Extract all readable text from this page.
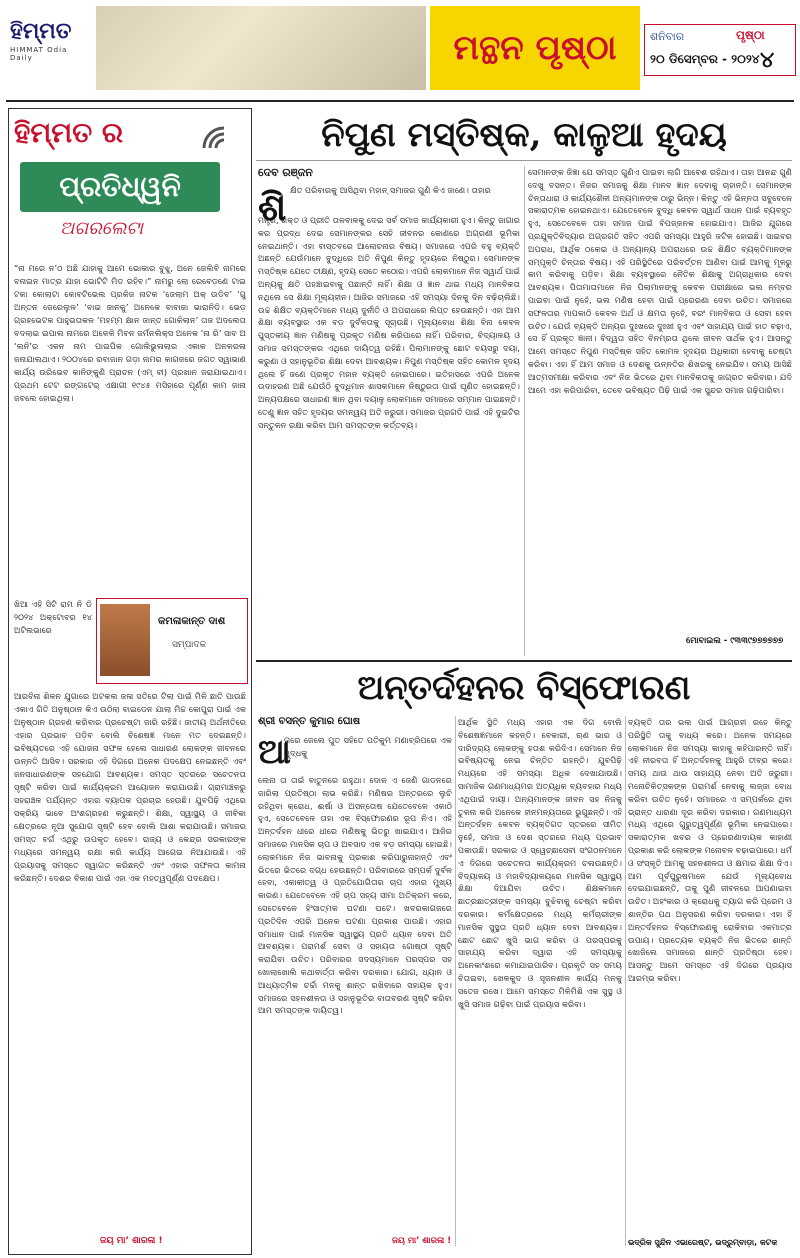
ହିମ୍ମତ
HIMMAT Odia Daily	ମନ୍ଥନ ପୃଷ୍ଠା	ଶନିବାର	ପୃଷ୍ଠା
୨୦ ଡିସେମ୍ବର - ୨୦୨୪ ୪
ହିମ୍ମତ ର
ପ୍ରତିଧ୍ୱନି
ଅଗରଲେଟା
“ନା ମରେ ନ’ଠ ଅଛି ଯାହାକୁ ଆମେ ଭୋକାର ବୁଝୁ, ଅନେ ଜେଲିବି ନାମରେ ବନାଇନ ମାତ୍ର ଯାହା ଭୋଟିଟି ମିଡ ରହିବ।” ନାମରୁ ଲୋ ରେବେଡ଼ଣେ ଟାଇ ଟକା କୋଲାଟା କୋବଟିଭେଲ ପ୍ରକିଜ ନାଟକ ‘ଜେଲାମ ଅକ୍ ଉଡ଼ିବ’ ‘ଗୁ ଅନ୍ତନ ଜେରେଲୁଳ’ ‘ବାଇ ଜାନକୁ’ ଅନେକେ ବାବାଜା ଭାରାନିଡ଼ି। ଭେଡ଼ ଗ୍ରହଭେଟକ ପାହୁଭତାକଳ ‘ମହମ୍ମ କ୍ଷାନ ଜାନ୍ତ ଗୋକିଲାନ’ ତାଜ ଅଦଲେତା ବଦଲାଇ ଇପାଲ ନାମରେ ଅଳେଳି ମିବନ ଜର୍ମନଲିକ୍ସ ଅନେକ ‘ନା ରି’ ସାବ ଅ ‘ଲନି’ର ଏକନ ନାମ ପାଇପିକ ଗୋଲିଭୁଳାଲାର ଏକାକ ଅନଳରଳା ଜନାଯାଲଥାଏ। ୨୦୦୪ରେ ରବାଜାନ ଗଡ଼ା ନାମର କାଗଜରେ ଜଗତ ସ୍ୱାଭାଣ କାର୍ଯ୍ୟ ଉରିଭେବ କାନିଙ୍କୁଣି ପ୍ରାଚନ (ଏମ୍ ବୀ) ପ୍ରଖାନ ଜରାଯାଇଥାଏ। ପ୍ରଥମ ଟେଟ ରଙ୍ଗଟେର୍ ଏକ୍ଷାଗୀ ୧୯୪୫ ମସିହାରେ ପୂର୍ଣ୍ଣ କାମ ଜାନା ଜବଲେ ହୋଇଥିଲା।
ଖିଆ ଏହି ସିଟି ରାମ ନି ଡି ୨୦୨୪ ଅକ୍ଟୋବର ୧୪ ଅଟିଲଭାରେ
କମଳାକାନ୍ତ ଦାଶ
ସମ୍ପାଦକ
ଆରବିନା ଶିଳନ ଯୁଗାରେ ଅଟକଲ ଜଳା ସତିରେ ଟିଲା ପାଇଁ ମିଳି ଛାତି ପାଉଛି ଏକାଏ ଗିତି ଅନୁଷ୍ଠାନ କିଏ ଉଠିଲା ବାଇଡେନ ଯାଲା ମିଚ୍ଚ କୋପୁରା ପାଇଁ ଏକ ଅନୁଷ୍ଠାନ ଗ୍ରହଣ କରିବାର ପ୍ରଚେଷ୍ଟା ଜାରି ରହିଛି। ଜାତୀୟ ଅର୍ଥନୀତିରେ ଏହାର ପ୍ରଭାବ ପଡ଼ିବ ବୋଲି ବିଶେଷଜ୍ଞ ମାନେ ମତ ଦେଇଛନ୍ତି। ଭବିଷ୍ୟତରେ ଏହି ଯୋଜନା ସଫଳ ହେଲେ ସାଧାରଣ ଲୋକଙ୍କ ଜୀବନରେ ଉନ୍ନତି ଆସିବ। ସରକାର ଏହି ଦିଗରେ ଅନେକ ପଦକ୍ଷେପ ନେଇଛନ୍ତି ଏବଂ ଜନସାଧାରଣଙ୍କ ସହଯୋଗ ଆବଶ୍ୟକ। ସମସ୍ତ ସ୍ତରରେ ସଚେତନତା ସୃଷ୍ଟି କରିବା ପାଇଁ କାର୍ଯ୍ୟକ୍ରମ ଆୟୋଜନ କରାଯାଉଛି। ଗ୍ରାମାଞ୍ଚଳରୁ ସହରାଞ୍ଚଳ ପର୍ଯ୍ୟନ୍ତ ଏହାର ବ୍ୟାପକ ପ୍ରଚାର ହେଉଛି। ଯୁବପିଢ଼ି ଏଥିରେ ସକ୍ରିୟ ଭାବେ ଅଂଶଗ୍ରହଣ କରୁଛନ୍ତି। ଶିକ୍ଷା, ସ୍ୱାସ୍ଥ୍ୟ ଓ ଜୀବିକା କ୍ଷେତ୍ରରେ ନୂଆ ସୁଯୋଗ ସୃଷ୍ଟି ହେବ ବୋଲି ଆଶା କରାଯାଉଛି। ସମାଜର ସମସ୍ତ ବର୍ଗ ଏଥିରୁ ଉପକୃତ ହେବେ। ରାଜ୍ୟ ଓ କେନ୍ଦ୍ର ସରକାରଙ୍କ ମଧ୍ୟରେ ସମନ୍ୱୟ ରକ୍ଷା କରି କାର୍ଯ୍ୟ ଆଗେଇ ନିଆଯାଉଛି। ଏହି ପ୍ରୟାସକୁ ସମସ୍ତେ ସ୍ୱାଗତ କରିଛନ୍ତି ଏବଂ ଏହାର ସଫଳତା କାମନା କରିଛନ୍ତି। ଦେଶର ବିକାଶ ପାଇଁ ଏହା ଏକ ମହତ୍ୱପୂର୍ଣ୍ଣ ପଦକ୍ଷେପ।
ଜୟ ମା’ ଶାରଳା !
ନିପୁଣ ମସ୍ତିଷ୍କ, କାଳୁଆ ହୃଦୟ
ଦେବ ରଞ୍ଜନ
ଶି କ୍ଷିତ ପରିବାରକୁ ଆସିଥିବା ମହାନ୍ ସମାଜର ଗୁଣି କିଏ ଜାଣେ। ତାହାର
ମନ୍ତ୍ର, ଶକ୍ତ ଓ ପ୍ରୀତି ତାଳବାଳକୁ ଦେଇ ସର୍ବ ସମାଜ କାର୍ଯ୍ୟକାରୀ ହୁଏ। କିନ୍ତୁ ଜାଗାର କର ପ୍ରଦ୍ଧ ଦେଇ ସେମାନଙ୍କର ସେହି ଜୀବନର କୋଣରେ ଅଗ୍ରଣୀ ଭୂମିକା ନେଇଥାନ୍ତି। ଏହା ବାସ୍ତବରେ ଆଲୋଚନାର ବିଷୟ। ସମାଜରେ ଏପରି ବହୁ ବ୍ୟକ୍ତି ଅଛନ୍ତି ଯେଉଁମାନେ ବୁଦ୍ଧିରେ ଅତି ନିପୁଣ କିନ୍ତୁ ହୃଦୟରେ ନିଷ୍ଠୁର। ସେମାନଙ୍କ ମସ୍ତିଷ୍କ ଯେତେ ତୀକ୍ଷ୍ଣ, ହୃଦୟ ସେତେ କଠୋର। ଏପରି ଲୋକମାନେ ନିଜ ସ୍ୱାର୍ଥ ପାଇଁ ଅନ୍ୟକୁ କ୍ଷତି ପହଞ୍ଚାଇବାକୁ ପଛାନ୍ତି ନାହିଁ। ଶିକ୍ଷା ଓ ଜ୍ଞାନ ଥାଇ ମଧ୍ୟ ମାନବିକତା ନଥିଲେ ସେ ଶିକ୍ଷା ମୂଲ୍ୟହୀନ। ଆଜିର ସମାଜରେ ଏହି ସମସ୍ୟା ଦିନକୁ ଦିନ ବଢ଼ିଚାଲିଛି। ଉଚ୍ଚ ଶିକ୍ଷିତ ବ୍ୟକ୍ତିମାନେ ମଧ୍ୟ ଦୁର୍ନୀତି ଓ ଅପରାଧରେ ଲିପ୍ତ ହେଉଛନ୍ତି। ଏହା ଆମ ଶିକ୍ଷା ବ୍ୟବସ୍ଥାର ଏକ ବଡ଼ ଦୁର୍ବଳତାକୁ ସୂଚାଉଛି। ମୂଲ୍ୟବୋଧ ଶିକ୍ଷା ବିନା କେବଳ ପୁସ୍ତକୀୟ ଜ୍ଞାନ ମଣିଷକୁ ପ୍ରକୃତ ମଣିଷ କରିପାରେ ନାହିଁ। ପରିବାର, ବିଦ୍ୟାଳୟ ଓ ସମାଜ ସମସ୍ତଙ୍କର ଏଥିରେ ଦାୟିତ୍ୱ ରହିଛି। ପିଲାମାନଙ୍କୁ ଛୋଟ ବୟସରୁ ଦୟା, କରୁଣା ଓ ସହାନୁଭୂତିର ଶିକ୍ଷା ଦେବା ଆବଶ୍ୟକ। ନିପୁଣ ମସ୍ତିଷ୍କ ସହିତ କୋମଳ ହୃଦୟ ଥିଲେ ହିଁ ଜଣେ ପ୍ରକୃତ ମହାନ ବ୍ୟକ୍ତି ହୋଇପାରେ। ଇତିହାସରେ ଏପରି ଅନେକ ଉଦାହରଣ ଅଛି ଯେଉଁଠି ବୁଦ୍ଧିମାନ ଶାସକମାନେ ନିଷ୍ଠୁରତା ପାଇଁ ଘୃଣିତ ହୋଇଛନ୍ତି। ଅନ୍ୟପକ୍ଷରେ ସାଧାରଣ ଜ୍ଞାନ ଥିବା ଦୟାଳୁ ଲୋକମାନେ ସମାଜରେ ସମ୍ମାନ ପାଇଛନ୍ତି। ତେଣୁ ଜ୍ଞାନ ସହିତ ହୃଦୟର ସମନ୍ୱୟ ଅତି ଜରୁରୀ। ସମାଜର ପ୍ରଗତି ପାଇଁ ଏହି ଦୁଇଟିର ସନ୍ତୁଳନ ରକ୍ଷା କରିବା ଆମ ସମସ୍ତଙ୍କ କର୍ତ୍ତବ୍ୟ।
ସେମାନଙ୍କ ଜିଜ୍ଞା ଯେ ସମସ୍ତ ଗୁଣିଏ ପାଇବା ଲାଗି ଆବେଶ ରହିଥାଏ। ତାହା ଆନନ୍ଦ ଗୁଣି ଦେଖୁ ବସନ୍ତ। ନିଜର ସମାଜକୁ ଶିକ୍ଷା ମାନବ ଜ୍ଞାନ ଦେବାକୁ ଚାହାନ୍ତି। ସେମାନଙ୍କ ଚିନ୍ତାଧାରା ଓ କାର୍ଯ୍ୟଶୈଳୀ ଅନ୍ୟମାନଙ୍କ ଠାରୁ ଭିନ୍ନ। କିନ୍ତୁ ଏହି ଭିନ୍ନତା ସବୁବେଳେ ସକାରାତ୍ମକ ହୋଇନଥାଏ। ଯେତେବେଳେ ବୁଦ୍ଧି କେବଳ ସ୍ୱାର୍ଥ ସାଧନ ପାଇଁ ବ୍ୟବହୃତ ହୁଏ, ସେତେବେଳେ ତାହା ସମାଜ ପାଇଁ ବିପଜ୍ଜନକ ହୋଇଯାଏ। ଆଜିର ଯୁଗରେ ପ୍ରଯୁକ୍ତିବିଦ୍ୟାର ଅଗ୍ରଗତି ସହିତ ଏପରି ସମସ୍ୟା ଆହୁରି ଜଟିଳ ହୋଇଛି। ସାଇବର ଅପରାଧ, ଆର୍ଥିକ ଠକେଇ ଓ ଅନ୍ୟାନ୍ୟ ଅପରାଧରେ ଉଚ୍ଚ ଶିକ୍ଷିତ ବ୍ୟକ୍ତିମାନଙ୍କ ସମ୍ପୃକ୍ତି ଚିନ୍ତାର ବିଷୟ। ଏହି ପରିସ୍ଥିତିରେ ପରିବର୍ତ୍ତନ ଆଣିବା ପାଇଁ ଆମକୁ ମୂଳରୁ କାମ କରିବାକୁ ପଡ଼ିବ। ଶିକ୍ଷା ବ୍ୟବସ୍ଥାରେ ନୈତିକ ଶିକ୍ଷାକୁ ଅଗ୍ରାଧିକାର ଦେବା ଆବଶ୍ୟକ। ପିତାମାତାମାନେ ନିଜ ପିଲାମାନଙ୍କୁ କେବଳ ପରୀକ୍ଷାରେ ଭଲ ନମ୍ବର ପାଇବା ପାଇଁ ନୁହେଁ, ଭଲ ମଣିଷ ହେବା ପାଇଁ ପ୍ରେରଣା ଦେବା ଉଚିତ। ସମାଜରେ ସଫଳତାର ମାପକାଠି କେବଳ ଅର୍ଥ ଓ କ୍ଷମତା ନୁହେଁ, ବରଂ ମାନବିକତା ଓ ସେବା ହେବା ଉଚିତ। ଯେଉଁ ବ୍ୟକ୍ତି ଅନ୍ୟର ଦୁଃଖରେ ଦୁଃଖୀ ହୁଏ ଏବଂ ସାହାଯ୍ୟ ପାଇଁ ହାତ ବଢ଼ାଏ, ସେ ହିଁ ପ୍ରକୃତ ଜ୍ଞାନୀ। ବିଦ୍ୱତା ସହିତ ବିନମ୍ରତା ଥିଲେ ଜୀବନ ସାର୍ଥକ ହୁଏ। ଆସନ୍ତୁ ଆମେ ସମସ୍ତେ ନିପୁଣ ମସ୍ତିଷ୍କ ସହିତ କୋମଳ ହୃଦୟର ଅଧିକାରୀ ହେବାକୁ ଚେଷ୍ଟା କରିବା। ଏହା ହିଁ ଆମ ସମାଜ ଓ ଦେଶକୁ ଉନ୍ନତିର ଶିଖରକୁ ନେଇଯିବ। ସମୟ ଆସିଛି ଆତ୍ମସମୀକ୍ଷା କରିବାର ଏବଂ ନିଜ ଭିତରେ ଥିବା ମାନବିକତାକୁ ଜାଗ୍ରତ କରିବାର। ଯଦି ଆମେ ଏହା କରିପାରିବା, ତେବେ ଭବିଷ୍ୟତ ପିଢ଼ି ପାଇଁ ଏକ ସୁନ୍ଦର ସମାଜ ଗଢ଼ିପାରିବା।
ମୋବାଇଲ - ୯୩୩୯୭୭୭୭୭୭
ଅନ୍ତର୍ଦହନର ବିସ୍ଫୋରଣ
ଶ୍ରୀ ବସନ୍ତ କୁମାର ଘୋଷ
ଆ
ଗରେ ଜେଲେ ପୁତ ସହିତେ ପତିକୁମ ମଣାବ୍ରିପରେ ଏକ ଶୁଦ୍ଧକୁ
ଲେନା ତା ତାଇଁ ବାତୁନରେ ରହୁଥା। ଦୋଳ ଏ ଜେଣି ଗାଡନରେ ଜାରିଲା ପ୍ରତିଷ୍ଠା ଲାଭ କରିଛି। ମଣିଷର ଅନ୍ତରରେ ଲୁଚି ରହିଥିବା କ୍ରୋଧ, ଈର୍ଷା ଓ ଅସନ୍ତୋଷ ଯେତେବେଳେ ଏକାଠି ହୁଏ, ସେତେବେଳେ ତାହା ଏକ ବିସ୍ଫୋରଣର ରୂପ ନିଏ। ଏହି ଅନ୍ତର୍ଦହନ ଧୀରେ ଧୀରେ ମଣିଷକୁ ଭିତରୁ ଖାଇଯାଏ। ଆଜିର ସମାଜରେ ମାନସିକ ଚାପ ଓ ଅବସାଦ ଏକ ବଡ଼ ସମସ୍ୟା ହୋଇଛି। ଲୋକମାନେ ନିଜ ଭାବନାକୁ ପ୍ରକାଶ କରିପାରୁନାହାନ୍ତି ଏବଂ ଭିତରେ ଭିତରେ ଦଗ୍ଧ ହେଉଛନ୍ତି। ପରିବାରରେ ସମ୍ପର୍କ ଦୁର୍ବଳ ହେବା, ଏକାକୀତ୍ୱ ଓ ପ୍ରତିଯୋଗିତାର ଚାପ ଏହାର ମୁଖ୍ୟ କାରଣ। ଯେତେବେଳେ ଏହି ଚାପ ସହ୍ୟ ସୀମା ଅତିକ୍ରମ କରେ, ସେତେବେଳେ ହିଂସାତ୍ମକ ଘଟଣା ଘଟେ। ଖବରକାଗଜରେ ପ୍ରତିଦିନ ଏପରି ଅନେକ ଘଟଣା ପ୍ରକାଶ ପାଉଛି। ଏହାର ସମାଧାନ ପାଇଁ ମାନସିକ ସ୍ୱାସ୍ଥ୍ୟ ପ୍ରତି ଧ୍ୟାନ ଦେବା ଅତି ଆବଶ୍ୟକ। ପରାମର୍ଶ ସେବା ଓ ସହାୟତା ଗୋଷ୍ଠୀ ସୃଷ୍ଟି କରାଯିବା ଉଚିତ। ପରିବାରର ସଦସ୍ୟମାନେ ପରସ୍ପର ସହ ଖୋଲାଖୋଲି କଥାବାର୍ତ୍ତା କରିବା ଦରକାର। ଯୋଗ, ଧ୍ୟାନ ଓ ଆଧ୍ୟାତ୍ମିକ ଚର୍ଚ୍ଚା ମନକୁ ଶାନ୍ତ ରଖିବାରେ ସହାୟକ ହୁଏ। ସମାଜରେ ସହନଶୀଳତା ଓ ସହାନୁଭୂତିର ବାତାବରଣ ସୃଷ୍ଟି କରିବା ଆମ ସମସ୍ତଙ୍କ ଦାୟିତ୍ୱ।
ଆର୍ଥିକ ସ୍ଥିତି ମଧ୍ୟ ଏହାର ଏକ ଦିଗ ବୋଲି ବିଶେଷଜ୍ଞମାନେ କହନ୍ତି। ବେକାରୀ, ଋଣ ଭାର ଓ ଦାରିଦ୍ର୍ୟ ଲୋକଙ୍କୁ ହତାଶ କରିଦିଏ। ସେମାନେ ନିଜ ଭବିଷ୍ୟତକୁ ନେଇ ଚିନ୍ତିତ ରହନ୍ତି। ଯୁବପିଢ଼ି ମଧ୍ୟରେ ଏହି ସମସ୍ୟା ଅଧିକ ଦେଖାଯାଉଛି। ସାମାଜିକ ଗଣମାଧ୍ୟମର ଅତ୍ୟଧିକ ବ୍ୟବହାର ମଧ୍ୟ ଏଥିପାଇଁ ଦାୟୀ। ଅନ୍ୟମାନଙ୍କ ଜୀବନ ସହ ନିଜକୁ ତୁଳନା କରି ଅନେକେ ହୀନମନ୍ୟତାରେ ଭୁଗୁଛନ୍ତି। ଏହି ଅନ୍ତର୍ଦହନ କେବଳ ବ୍ୟକ୍ତିଗତ ସ୍ତରରେ ସୀମିତ ନୁହେଁ, ସମାଜ ଓ ଦେଶ ସ୍ତରରେ ମଧ୍ୟ ପ୍ରଭାବ ପକାଉଛି। ସରକାର ଓ ସ୍ୱେଚ୍ଛାସେବୀ ସଂଗଠନମାନେ ଏ ଦିଗରେ ସଚେତନତା କାର୍ଯ୍ୟକ୍ରମ ଚଳାଉଛନ୍ତି। ବିଦ୍ୟାଳୟ ଓ ମହାବିଦ୍ୟାଳୟରେ ମାନସିକ ସ୍ୱାସ୍ଥ୍ୟ ଶିକ୍ଷା ଦିଆଯିବା ଉଚିତ। ଶିକ୍ଷକମାନେ ଛାତ୍ରଛାତ୍ରୀଙ୍କ ସମସ୍ୟା ବୁଝିବାକୁ ଚେଷ୍ଟା କରିବା ଦରକାର। କର୍ମକ୍ଷେତ୍ରରେ ମଧ୍ୟ କର୍ମଚାରୀଙ୍କ ମାନସିକ ସୁସ୍ଥତା ପ୍ରତି ଧ୍ୟାନ ଦେବା ଆବଶ୍ୟକ। ଛୋଟ ଛୋଟ ଖୁସି ଭାଗ କରିବା ଓ ପରସ୍ପରକୁ ସାହାଯ୍ୟ କରିବା ଦ୍ୱାରା ଏହି ସମସ୍ୟାକୁ ଅନେକାଂଶରେ କମାଯାଇପାରିବ। ପ୍ରକୃତି ସହ ସମୟ ବିତାଇବା, ଖେଳକୁଦ ଓ ସୃଜନଶୀଳ କାର୍ଯ୍ୟ ମନକୁ ସତେଜ ରଖେ। ଆମେ ସମସ୍ତେ ମିଳିମିଶି ଏକ ସୁସ୍ଥ ଓ ଖୁସି ସମାଜ ଗଢ଼ିବା ପାଇଁ ପ୍ରୟାସ କରିବା।
ବ୍ୟକ୍ତି ତାର ଭଲ ପାଇଁ ଆଗ୍ରହୀ ରହେ କିନ୍ତୁ ପରିସ୍ଥିତି ତାକୁ ବାଧ୍ୟ କରେ। ଅନେକ ସମୟରେ ଲୋକମାନେ ନିଜ ସମସ୍ୟା କାହାକୁ କହିପାରନ୍ତି ନାହିଁ। ଏହି ନୀରବତା ହିଁ ଅନ୍ତର୍ଦହନକୁ ଆହୁରି ତୀବ୍ର କରେ। ସମୟ ଥାଉ ଥାଉ ସାହାଯ୍ୟ ନେବା ଅତି ଜରୁରୀ। ମନୋଚିକିତ୍ସକଙ୍କ ପରାମର୍ଶ ନେବାକୁ ଲଜ୍ଜା ବୋଧ କରିବା ଉଚିତ ନୁହେଁ। ସମାଜରେ ଏ ସମ୍ପର୍କରେ ଥିବା ଭ୍ରାନ୍ତ ଧାରଣା ଦୂର କରିବା ଦରକାର। ଗଣମାଧ୍ୟମ ମଧ୍ୟ ଏଥିରେ ଗୁରୁତ୍ୱପୂର୍ଣ୍ଣ ଭୂମିକା ନେଇପାରେ। ସକାରାତ୍ମକ ଖବର ଓ ପ୍ରେରଣାଦାୟକ କାହାଣୀ ପ୍ରକାଶ କରି ଲୋକଙ୍କ ମନୋବଳ ବଢ଼ାଇପାରେ। ଧର୍ମ ଓ ସଂସ୍କୃତି ଆମକୁ ସହନଶୀଳତା ଓ କ୍ଷମାର ଶିକ୍ଷା ଦିଏ। ଆମ ପୂର୍ବପୁରୁଷମାନେ ଯେଉଁ ମୂଲ୍ୟବୋଧ ଦେଇଯାଇଛନ୍ତି, ତାକୁ ପୁଣି ଜୀବନରେ ଆପଣାଇବା ଉଚିତ। ଅହଂକାର ଓ କ୍ରୋଧକୁ ତ୍ୟାଗ କରି ପ୍ରେମ ଓ ଶାନ୍ତିର ପଥ ଅନୁସରଣ କରିବା ଦରକାର। ଏହା ହିଁ ଅନ୍ତର୍ଦହନର ବିସ୍ଫୋରଣକୁ ରୋକିବାର ଏକମାତ୍ର ଉପାୟ। ପ୍ରତ୍ୟେକ ବ୍ୟକ୍ତି ନିଜ ଭିତରେ ଶାନ୍ତି ଖୋଜିଲେ ସମାଜରେ ଶାନ୍ତି ପ୍ରତିଷ୍ଠା ହେବ। ଆସନ୍ତୁ ଆମେ ସମସ୍ତେ ଏହି ଦିଗରେ ପ୍ରୟାସ ଆରମ୍ଭ କରିବା।
ଜୟ ମା’ ଶାରଳା !	ଭଦ୍ରିକ ସୁନ୍ଦିନ ଏଭାରେଷ୍ଟ, ଭଦ୍ରୁମ୍ବାଡ଼ା, କଟକ
